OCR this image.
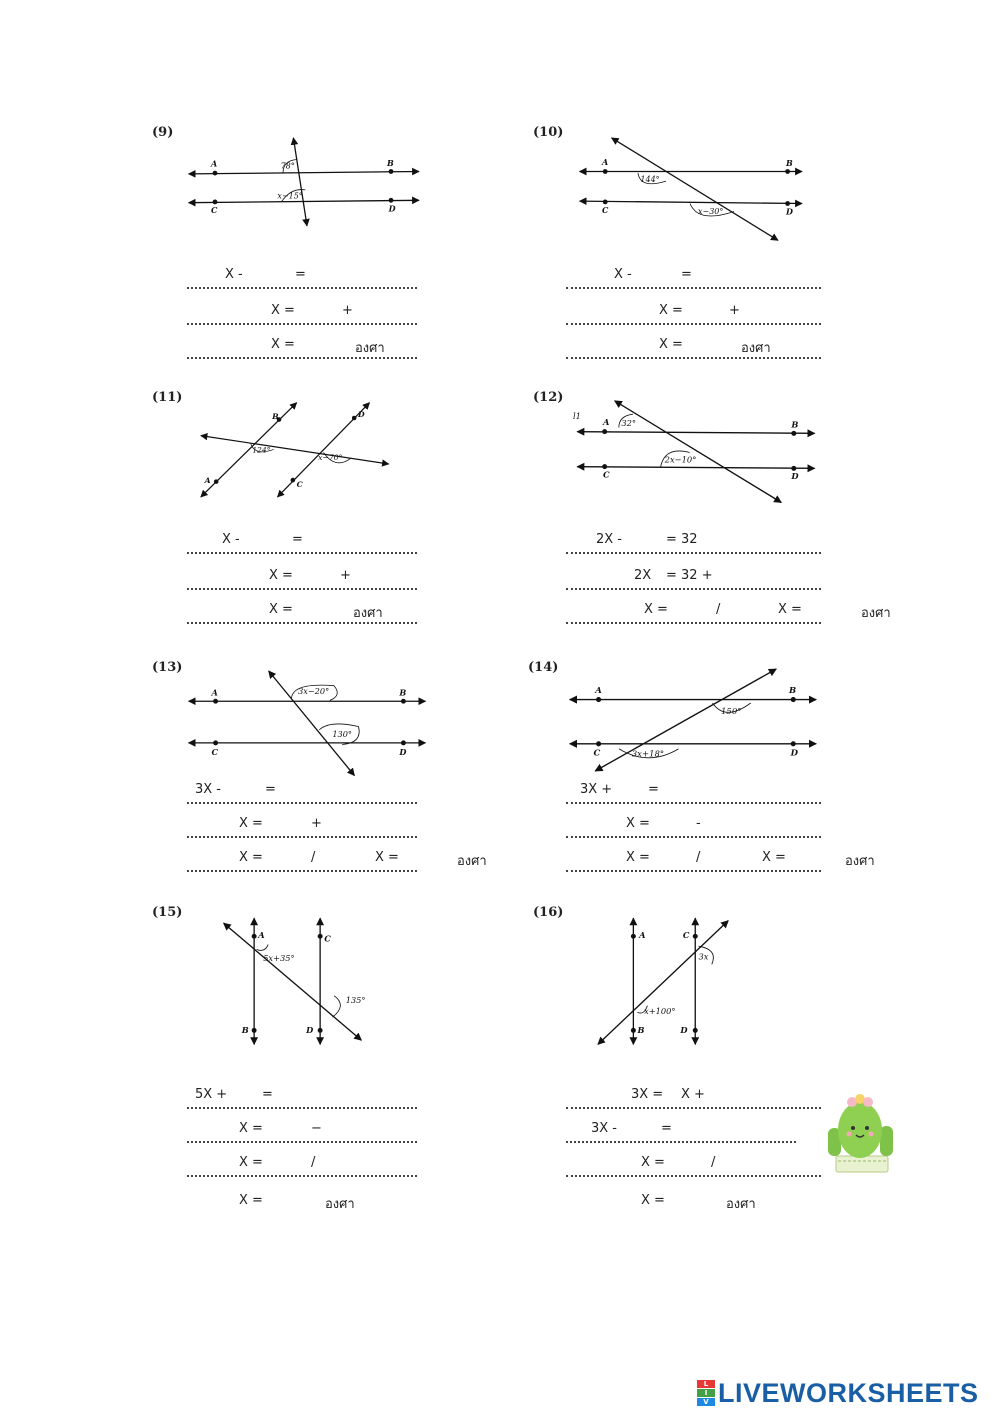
(9)
A	B
C	D
78°
x−15°

X -	=

X =	+

X =	องศา
(10)
A	B
C	D
144°
x−30°

X -	=

X =	+

X =	องศา
(11)
A
B
C
D
124°
x−70°

X -	=

X =	+

X =	องศา
(12)
l1
A	B
C	D
32°
2x−10°

2X -	= 32

2X = 32 +

X =	/	X =

	องศา
(13)
A	B
C	D
3x−20°
130°

3X -	=

X =	+

X =	/	X =

	องศา
(14)
A	B
C	D
150°
3x+18°

3X +	=

X =	-

X =	/	X =

	องศา
(15)
A
B
C
D
5x+35°
135°

5X +	=

X =	−

X =	/

X =	องศา
(16)
A
B
C
D
3x
x+100°

3X = X +

3X -	=

X =	/

X =	องศา
L
I
V LIVEWORKSHEETS
